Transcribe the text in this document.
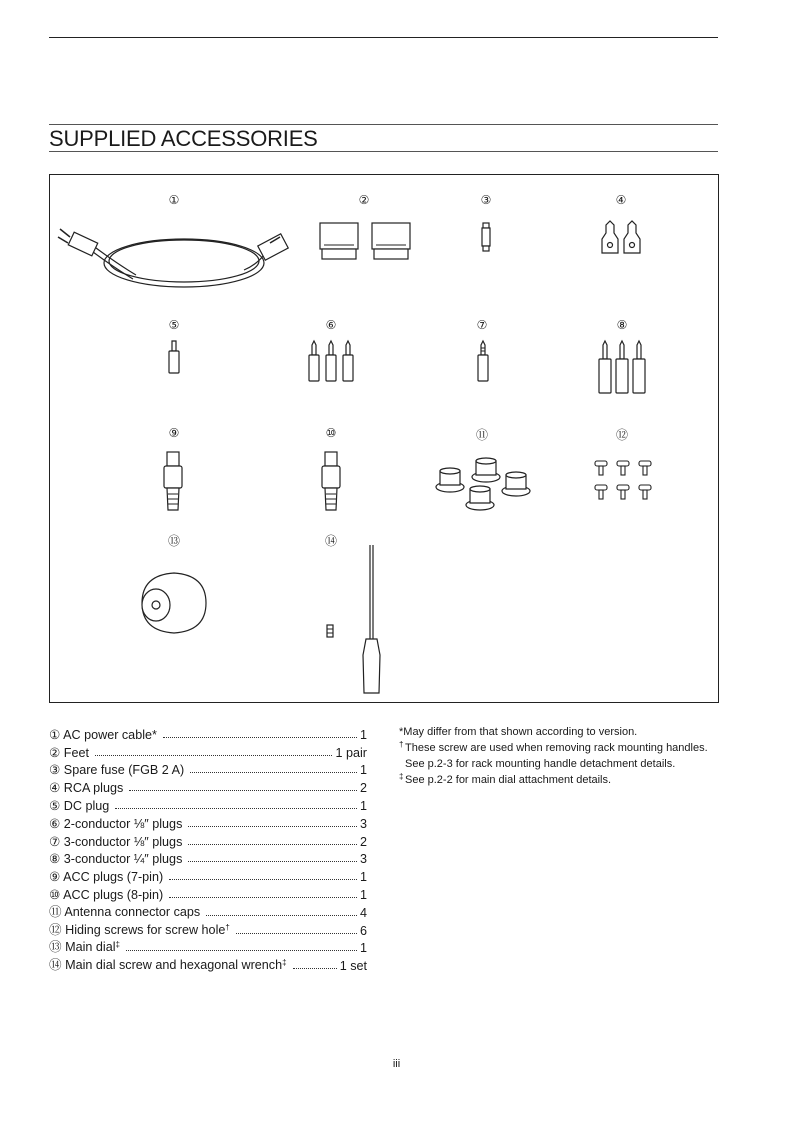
SUPPLIED ACCESSORIES
①	②	③	④
⑤	⑥	⑦	⑧
⑨	⑩	⑪	⑫
⑬	⑭
① AC power cable*	1
② Feet	1 pair
③ Spare fuse (FGB 2 A)	1
④ RCA plugs	2
⑤ DC plug	1
⑥ 2-conductor ⅛″ plugs	3
⑦ 3-conductor ⅛″ plugs	2
⑧ 3-conductor ¼″ plugs	3
⑨ ACC plugs (7-pin)	1
⑩ ACC plugs (8-pin)	1
⑪ Antenna connector caps	4
⑫ Hiding screws for screw hole†	6
⑬ Main dial‡	1
⑭ Main dial screw and hexagonal wrench‡	1 set
*May differ from that shown according to version.
† These screw are used when removing rack mounting handles. See p.2-3 for rack mounting handle detachment details.
‡ See p.2-2 for main dial attachment details.
iii
